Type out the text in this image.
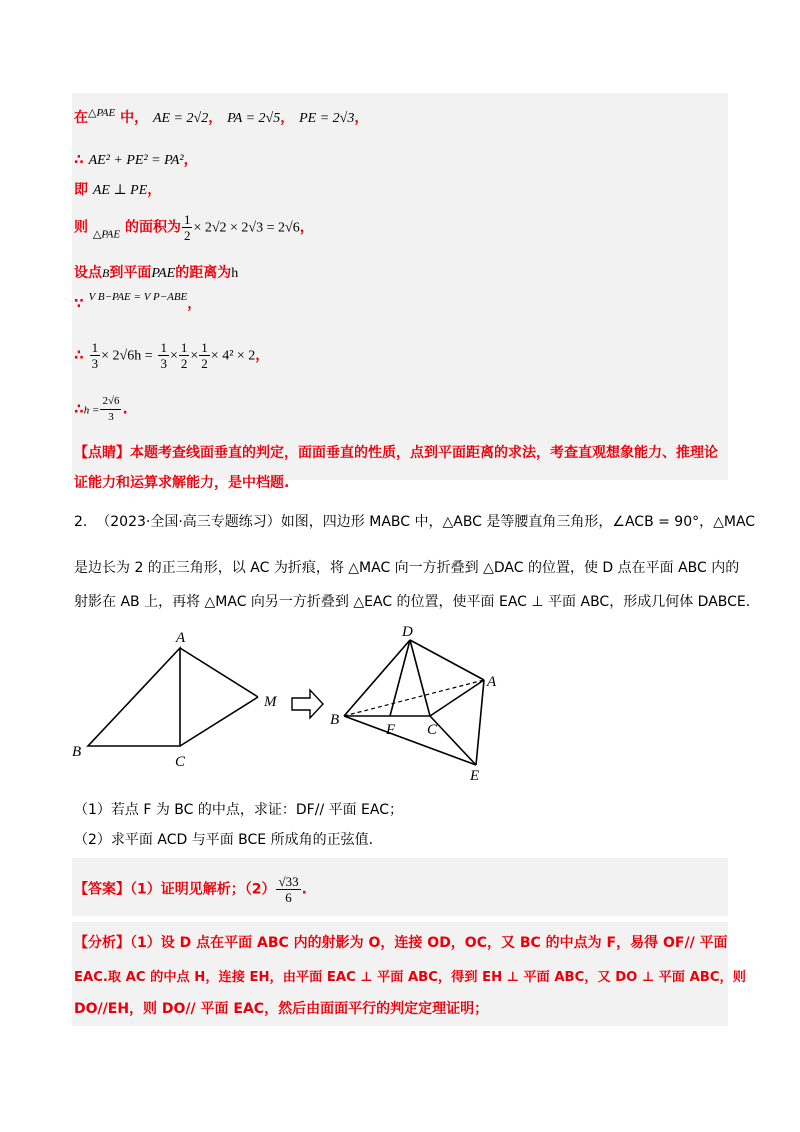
在$^{\triangle PAE}$ 中， AE = 2√2， PA = 2√5， PE = 2√3，
∴ AE² + PE² = PA²，
即 AE ⊥ PE，
则 $_{\triangle PAE}$ 的面积为 $\frac{1}{2} \times 2√2 \times 2√3 = 2√6$，
设点B到平面PAE的距离为h
∵ $^{V B-PAE = V P-ABE}$，
∴ $\frac{1}{3} \times 2√6h = \frac{1}{3} \times \frac{1}{2} \times \frac{1}{2} \times 4^2 \times 2$，
∴h = $\frac{2√6}{3}$ .
【点睛】本题考查线面垂直的判定，面面垂直的性质，点到平面距离的求法，考查直观想象能力、推理论
证能力和运算求解能力，是中档题.
2. （2023·全国·高三专题练习）如图，四边形 MABC 中，△ABC 是等腰直角三角形，∠ACB = 90°，△MAC
是边长为 2 的正三角形，以 AC 为折痕，将 △MAC 向一方折叠到 △DAC 的位置，使 D 点在平面 ABC 内的
射影在 AB 上，再将 △MAC 向另一方折叠到 △EAC 的位置，使平面 EAC ⊥ 平面 ABC，形成几何体 DABCE.
A
M
B
C
D
A
B
F C
E
（1）若点 F 为 BC 的中点，求证：DF// 平面 EAC；
（2）求平面 ACD 与平面 BCE 所成角的正弦值.
【答案】（1）证明见解析；$(2) \frac{√33}{6}$ .
【分析】（1）设 D 点在平面 ABC 内的射影为 O，连接 OD，OC，又 BC 的中点为 F，易得 OF// 平面
EAC.取 AC 的中点 H，连接 EH，由平面 EAC ⊥ 平面 ABC，得到 EH ⊥ 平面 ABC，又 DO ⊥ 平面 ABC，则
DO//EH，则 DO// 平面 EAC，然后由面面平行的判定定理证明；
